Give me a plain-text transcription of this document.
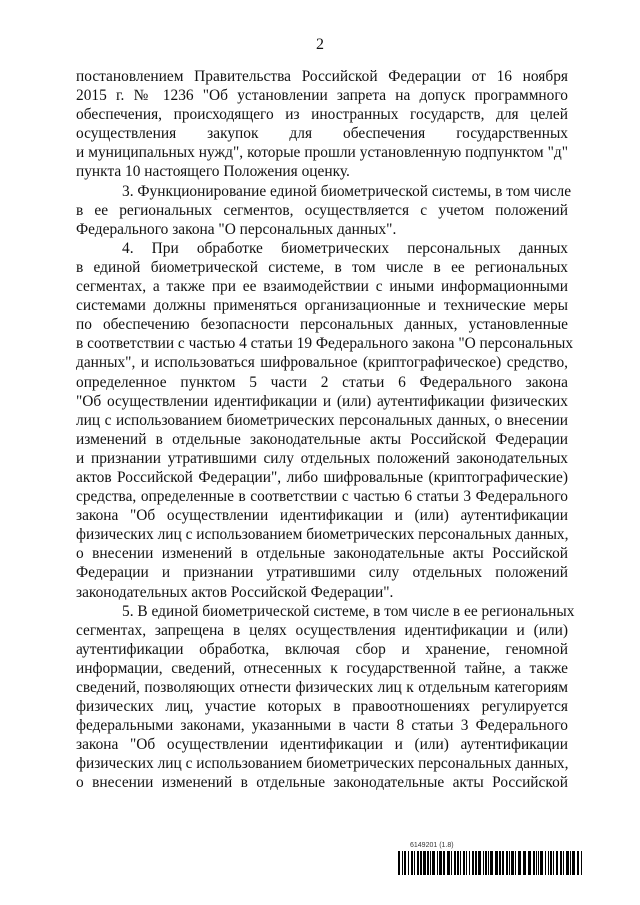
2
постановлением Правительства Российской Федерации от 16 ноября
2015 г. № 1236 "Об установлении запрета на допуск программного
обеспечения, происходящего из иностранных государств, для целей
осуществления закупок для обеспечения государственных
и муниципальных нужд", которые прошли установленную подпунктом "д"
пункта 10 настоящего Положения оценку.
3. Функционирование единой биометрической системы, в том числе
в ее региональных сегментов, осуществляется с учетом положений
Федерального закона "О персональных данных".
4. При обработке биометрических персональных данных
в единой биометрической системе, в том числе в ее региональных
сегментах, а также при ее взаимодействии с иными информационными
системами должны применяться организационные и технические меры
по обеспечению безопасности персональных данных, установленные
в соответствии с частью 4 статьи 19 Федерального закона "О персональных
данных", и использоваться шифровальное (криптографическое) средство,
определенное пунктом 5 части 2 статьи 6 Федерального закона
"Об осуществлении идентификации и (или) аутентификации физических
лиц с использованием биометрических персональных данных, о внесении
изменений в отдельные законодательные акты Российской Федерации
и признании утратившими силу отдельных положений законодательных
актов Российской Федерации", либо шифровальные (криптографические)
средства, определенные в соответствии с частью 6 статьи 3 Федерального
закона "Об осуществлении идентификации и (или) аутентификации
физических лиц с использованием биометрических персональных данных,
о внесении изменений в отдельные законодательные акты Российской
Федерации и признании утратившими силу отдельных положений
законодательных актов Российской Федерации".
5. В единой биометрической системе, в том числе в ее региональных
сегментах, запрещена в целях осуществления идентификации и (или)
аутентификации обработка, включая сбор и хранение, геномной
информации, сведений, отнесенных к государственной тайне, а также
сведений, позволяющих отнести физических лиц к отдельным категориям
физических лиц, участие которых в правоотношениях регулируется
федеральными законами, указанными в части 8 статьи 3 Федерального
закона "Об осуществлении идентификации и (или) аутентификации
физических лиц с использованием биометрических персональных данных,
о внесении изменений в отдельные законодательные акты Российской
6149201 (1.8)
